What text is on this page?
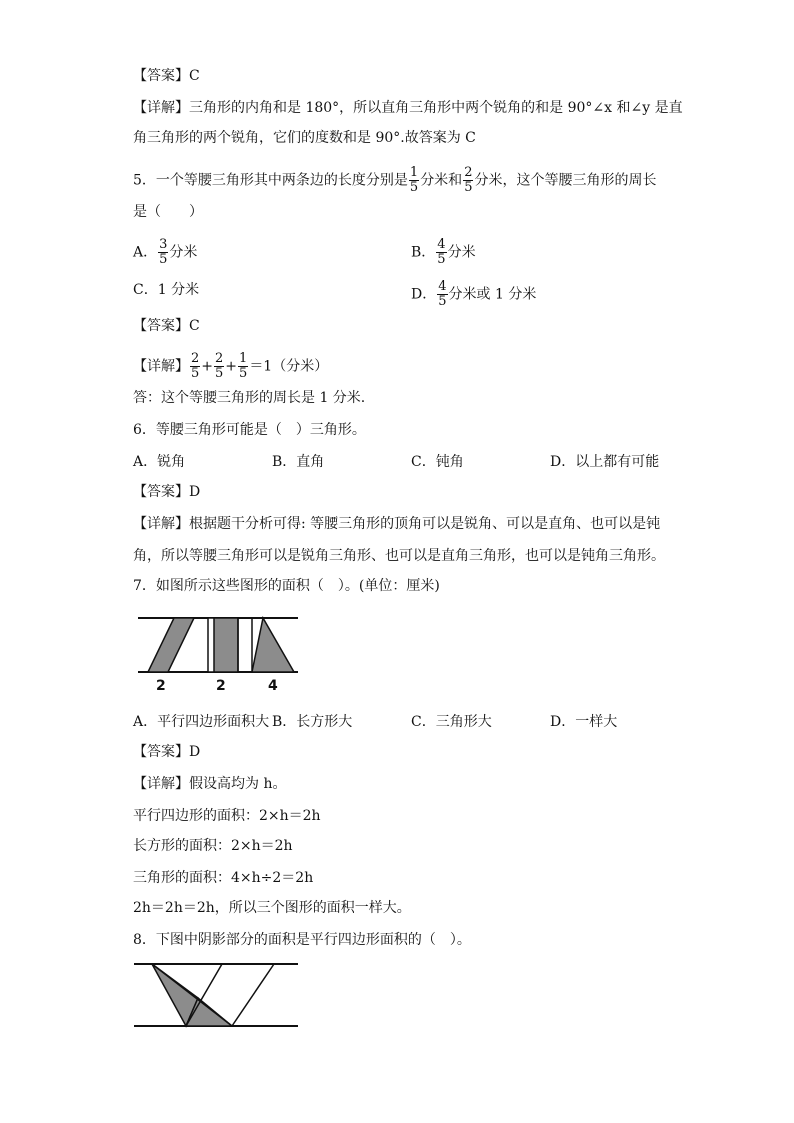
【答案】C
【详解】三角形的内角和是 180°，所以直角三角形中两个锐角的和是 90°∠x 和∠y 是直
角三角形的两个锐角，它们的度数和是 90°.故答案为 C
5．一个等腰三角形其中两条边的长度分别是 $\frac{1}{5}$ 分米和 $\frac{2}{5}$ 分米，这个等腰三角形的周长
是（　　）
A． $\frac{3}{5}$ 分米	B． $\frac{4}{5}$ 分米
C．1 分米	D． $\frac{4}{5}$ 分米或 1 分米
【答案】C
【详解】 $\frac{2}{5} + \frac{2}{5} + \frac{1}{5} =1$（分米）
答：这个等腰三角形的周长是 1 分米.
6．等腰三角形可能是（　）三角形。
A．锐角	B．直角	C．钝角	D．以上都有可能
【答案】D
【详解】根据题干分析可得: 等腰三角形的顶角可以是锐角、可以是直角、也可以是钝
角，所以等腰三角形可以是锐角三角形、也可以是直角三角形，也可以是钝角三角形。
7．如图所示这些图形的面积（　）。(单位：厘米)
2	2	4
A．平行四边形面积大 B．长方形大	C．三角形大	D．一样大
【答案】D
【详解】假设高均为 h。
平行四边形的面积：2×h＝2h
长方形的面积：2×h＝2h
三角形的面积：4×h÷2＝2h
2h＝2h＝2h，所以三个图形的面积一样大。
8．下图中阴影部分的面积是平行四边形面积的（　）。
